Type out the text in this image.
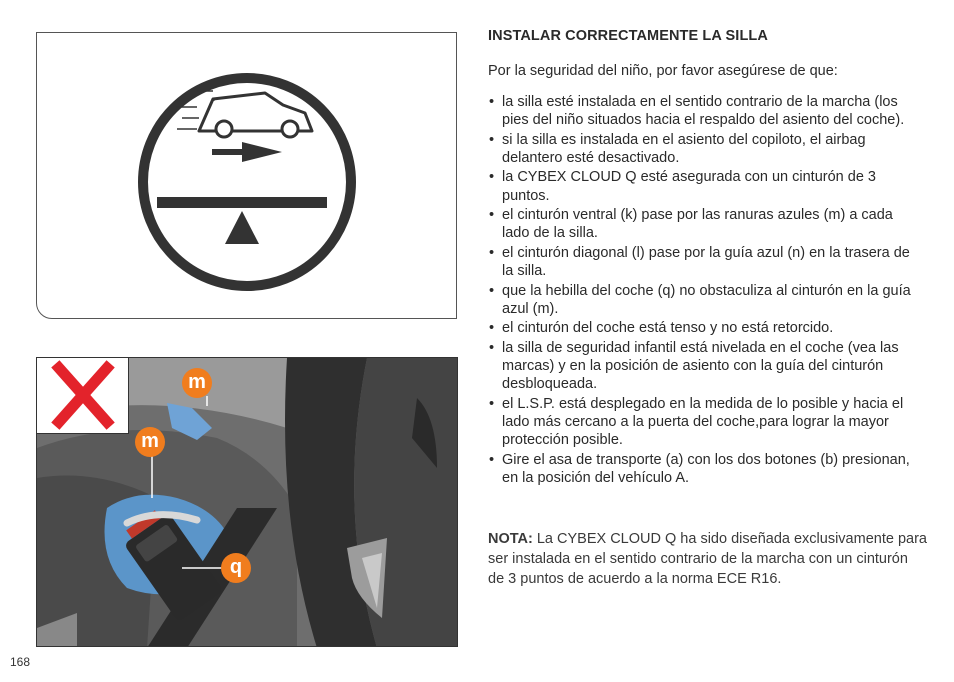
m
m
q
168
INSTALAR CORRECTAMENTE LA SILLA
Por la seguridad del niño, por favor asegúrese de que:
• la silla esté instalada en el sentido contrario de la marcha (los pies del niño situados hacia el respaldo del asiento del coche).
• si la silla es instalada en el asiento del copiloto, el airbag delantero esté desactivado.
• la CYBEX CLOUD Q esté asegurada con un cinturón de 3 puntos.
• el cinturón ventral (k) pase por las ranuras azules (m) a cada lado de la silla.
• el cinturón diagonal (l) pase por la guía azul (n) en la trasera de la silla.
• que la hebilla del coche (q) no obstaculiza al cinturón en la guía azul (m).
• el cinturón del coche está tenso y no está retorcido.
• la silla de seguridad infantil está nivelada en el coche (vea las marcas) y en la posición de asiento con la guía del cinturón desbloqueada.
• el L.S.P. está desplegado en la medida de lo posible y hacia el lado más cercano a la puerta del coche,para lograr la mayor protección posible.
• Gire el asa de transporte (a) con los dos botones (b) presionan, en la posición del vehículo A.
NOTA: La CYBEX CLOUD Q ha sido diseñada exclusivamente para ser instalada en el sentido contrario de la marcha con un cinturón de 3 puntos de acuerdo a la norma ECE R16.
